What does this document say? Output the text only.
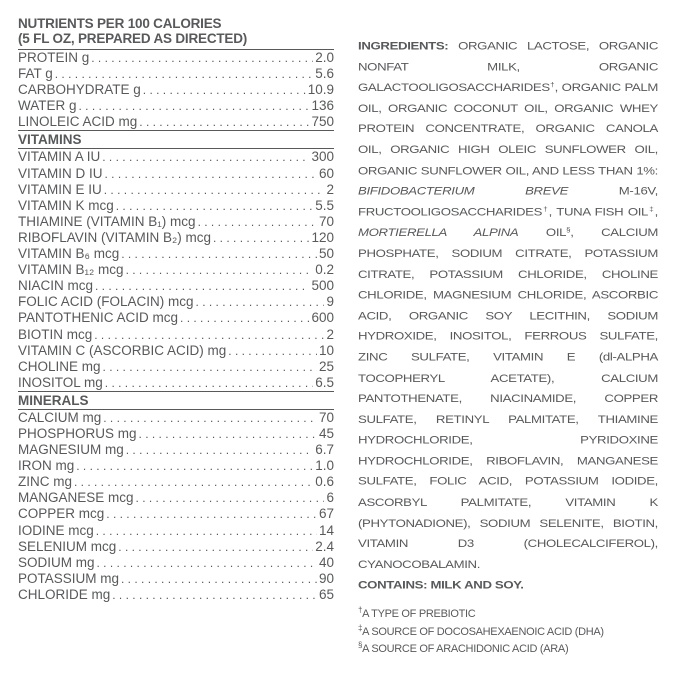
NUTRIENTS PER 100 CALORIES
(5 FL OZ, PREPARED AS DIRECTED)
PROTEIN g . . .	2.0
FAT g . . .	5.6
CARBOHYDRATE g . . .	10.9
WATER g . . .	136
LINOLEIC ACID mg . . .	750
VITAMINS
VITAMIN A IU . . .	300
VITAMIN D IU . . .	60
VITAMIN E IU . . .	2
VITAMIN K mcg . . .	5.5
THIAMINE (VITAMIN B₁) mcg . . .	70
RIBOFLAVIN (VITAMIN B₂) mcg . . .	120
VITAMIN B₆ mcg . . .	50
VITAMIN B₁₂ mcg . . .	0.2
NIACIN mcg . . .	500
FOLIC ACID (FOLACIN) mcg . . .	9
PANTOTHENIC ACID mcg . . .	600
BIOTIN mcg . . .	2
VITAMIN C (ASCORBIC ACID) mg . . .	10
CHOLINE mg . . .	25
INOSITOL mg . . .	6.5
MINERALS
CALCIUM mg . . .	70
PHOSPHORUS mg . . .	45
MAGNESIUM mg . . .	6.7
IRON mg . . .	1.0
ZINC mg . . .	0.6
MANGANESE mcg . . .	6
COPPER mcg . . .	67
IODINE mcg . . .	14
SELENIUM mcg . . .	2.4
SODIUM mg . . .	40
POTASSIUM mg . . .	90
CHLORIDE mg . . .	65
INGREDIENTS: ORGANIC LACTOSE, ORGANIC NONFAT MILK, ORGANIC GALACTOOLIGOSACCHARIDES†, ORGANIC PALM OIL, ORGANIC COCONUT OIL, ORGANIC WHEY PROTEIN CONCENTRATE, ORGANIC CANOLA OIL, ORGANIC HIGH OLEIC SUNFLOWER OIL, ORGANIC SUNFLOWER OIL, AND LESS THAN 1%: BIFIDOBACTERIUM BREVE M-16V, FRUCTOOLIGOSACCHARIDES†, TUNA FISH OIL‡, MORTIERELLA ALPINA OIL§, CALCIUM PHOSPHATE, SODIUM CITRATE, POTASSIUM CITRATE, POTASSIUM CHLORIDE, CHOLINE CHLORIDE, MAGNESIUM CHLORIDE, ASCORBIC ACID, ORGANIC SOY LECITHIN, SODIUM HYDROXIDE, INOSITOL, FERROUS SULFATE, ZINC SULFATE, VITAMIN E (dl-ALPHA TOCOPHERYL ACETATE), CALCIUM PANTOTHENATE, NIACINAMIDE, COPPER SULFATE, RETINYL PALMITATE, THIAMINE HYDROCHLORIDE, PYRIDOXINE HYDROCHLORIDE, RIBOFLAVIN, MANGANESE SULFATE, FOLIC ACID, POTASSIUM IODIDE, ASCORBYL PALMITATE, VITAMIN K (PHYTONADIONE), SODIUM SELENITE, BIOTIN, VITAMIN D3 (CHOLECALCIFEROL), CYANOCOBALAMIN.
CONTAINS: MILK AND SOY.
†A TYPE OF PREBIOTIC
‡A SOURCE OF DOCOSAHEXAENOIC ACID (DHA)
§A SOURCE OF ARACHIDONIC ACID (ARA)
